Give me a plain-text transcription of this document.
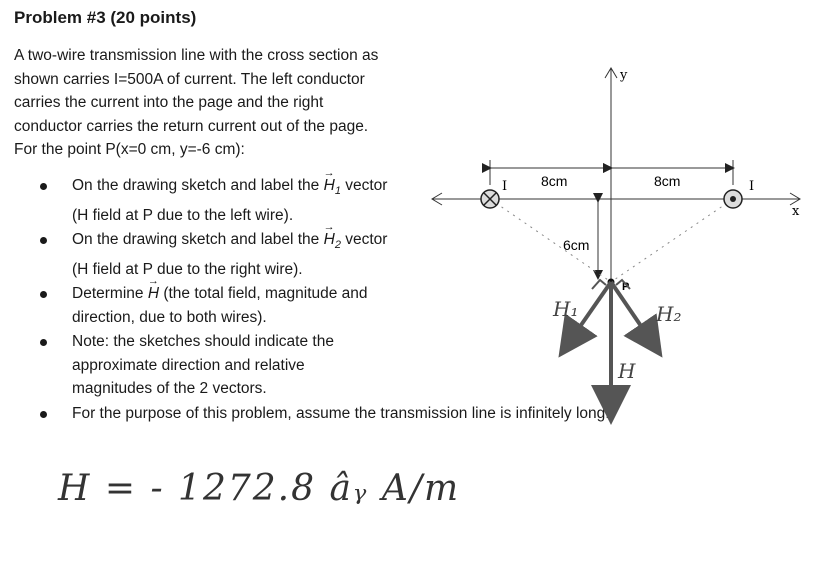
Problem #3 (20 points)
A two-wire transmission line with the cross section as shown carries I=500A of current. The left conductor carries the current into the page and the right conductor carries the return current out of the page. For the point P(x=0 cm, y=-6 cm):
On the drawing sketch and label the → $H_1$ vector (H field at P due to the left wire).
On the drawing sketch and label the → $H_2$ vector (H field at P due to the right wire).
Determine → H (the total field, magnitude and direction, due to both wires).
Note: the sketches should indicate the approximate direction and relative magnitudes of the 2 vectors.
For the purpose of this problem, assume the transmission line is infinitely long.
x
y
8cm	8cm
6cm
I	I
P
H₁	H₂
H
H = - 1272.8 âᵧ A/m
